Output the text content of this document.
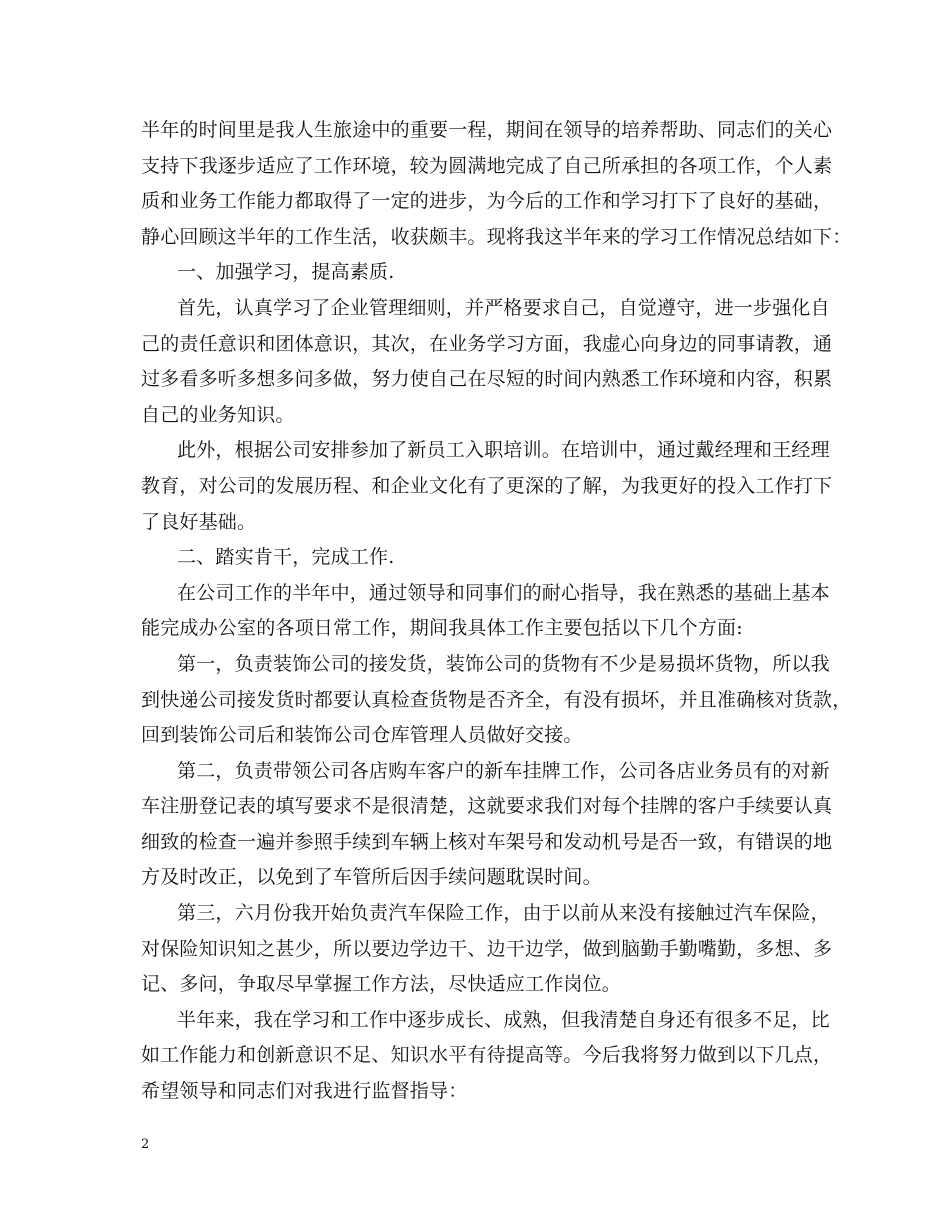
半年的时间里是我人生旅途中的重要一程，期间在领导的培养帮助、同志们的关心
支持下我逐步适应了工作环境，较为圆满地完成了自己所承担的各项工作，个人素
质和业务工作能力都取得了一定的进步，为今后的工作和学习打下了良好的基础，
静心回顾这半年的工作生活，收获颇丰。现将我这半年来的学习工作情况总结如下：
一、加强学习，提高素质.
首先，认真学习了企业管理细则，并严格要求自己，自觉遵守，进一步强化自
己的责任意识和团体意识，其次，在业务学习方面，我虚心向身边的同事请教，通
过多看多听多想多问多做，努力使自己在尽短的时间内熟悉工作环境和内容，积累
自己的业务知识。
此外，根据公司安排参加了新员工入职培训。在培训中，通过戴经理和王经理
教育，对公司的发展历程、和企业文化有了更深的了解，为我更好的投入工作打下
了良好基础。
二、踏实肯干，完成工作.
在公司工作的半年中，通过领导和同事们的耐心指导，我在熟悉的基础上基本
能完成办公室的各项日常工作，期间我具体工作主要包括以下几个方面:
第一，负责装饰公司的接发货，装饰公司的货物有不少是易损坏货物，所以我
到快递公司接发货时都要认真检查货物是否齐全，有没有损坏，并且准确核对货款，
回到装饰公司后和装饰公司仓库管理人员做好交接。
第二，负责带领公司各店购车客户的新车挂牌工作，公司各店业务员有的对新
车注册登记表的填写要求不是很清楚，这就要求我们对每个挂牌的客户手续要认真
细致的检查一遍并参照手续到车辆上核对车架号和发动机号是否一致，有错误的地
方及时改正，以免到了车管所后因手续问题耽误时间。
第三，六月份我开始负责汽车保险工作，由于以前从来没有接触过汽车保险，
对保险知识知之甚少，所以要边学边干、边干边学，做到脑勤手勤嘴勤，多想、多
记、多问，争取尽早掌握工作方法，尽快适应工作岗位。
半年来，我在学习和工作中逐步成长、成熟，但我清楚自身还有很多不足，比
如工作能力和创新意识不足、知识水平有待提高等。今后我将努力做到以下几点，
希望领导和同志们对我进行监督指导：
2
